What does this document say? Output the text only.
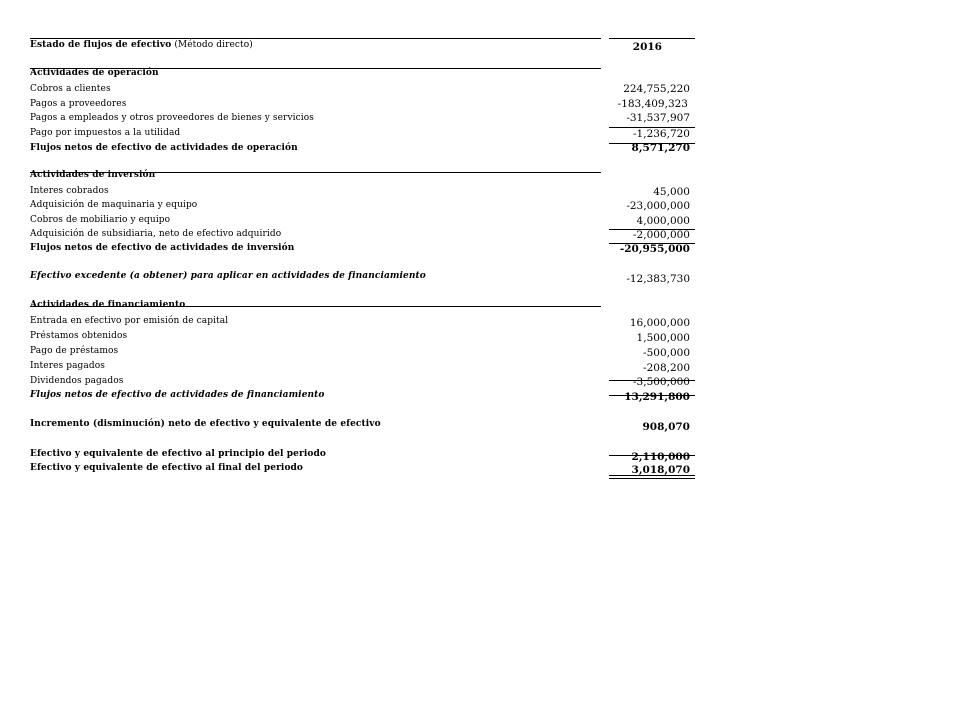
Estado de flujos de efectivo (Método directo)	2016
Actividades de operación
Cobros a clientes	224,755,220
Pagos a proveedores	-183,409,323
Pagos a empleados y otros proveedores de bienes y servicios	-31,537,907
Pago por impuestos a la utilidad	-1,236,720
Flujos netos de efectivo de actividades de operación	8,571,270
Actividades de inversión
Interes cobrados	45,000
Adquisición de maquinaria y equipo	-23,000,000
Cobros de mobiliario y equipo	4,000,000
Adquisición de subsidiaria, neto de efectivo adquirido	-2,000,000
Flujos netos de efectivo de actividades de inversión	-20,955,000
Efectivo excedente (a obtener) para aplicar en actividades de financiamiento	-12,383,730
Actividades de financiamiento
Entrada en efectivo por emisión de capital	16,000,000
Préstamos obtenidos	1,500,000
Pago de préstamos	-500,000
Interes pagados	-208,200
Dividendos pagados	-3,500,000
Flujos netos de efectivo de actividades de financiamiento	13,291,800
Incremento (disminución) neto de efectivo y equivalente de efectivo	908,070
Efectivo y equivalente de efectivo al principio del periodo	2,110,000
Efectivo y equivalente de efectivo al final del periodo	3,018,070
